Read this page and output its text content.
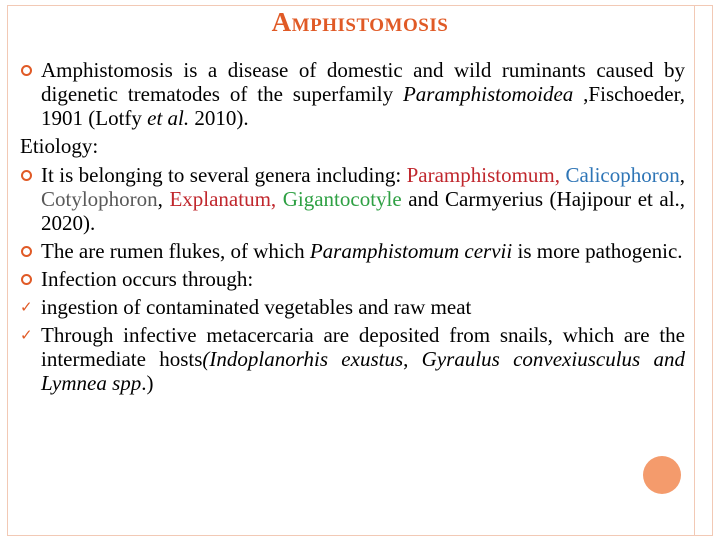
Amphistomosis
Amphistomosis is a disease of domestic and wild ruminants caused by digenetic trematodes of the superfamily Paramphistomoidea ,Fischoeder, 1901 (Lotfy et al. 2010).
Etiology:
It is belonging to several genera including: Paramphistomum, Calicophoron, Cotylophoron, Explanatum, Gigantocotyle and Carmyerius (Hajipour et al., 2020).
The are rumen flukes, of which Paramphistomum cervii is more pathogenic.
Infection occurs through:
✓ ingestion of contaminated vegetables and raw meat
✓ Through infective metacercaria are deposited from snails, which are the intermediate hosts(Indoplanorhis exustus, Gyraulus convexiusculus and Lymnea spp.)
